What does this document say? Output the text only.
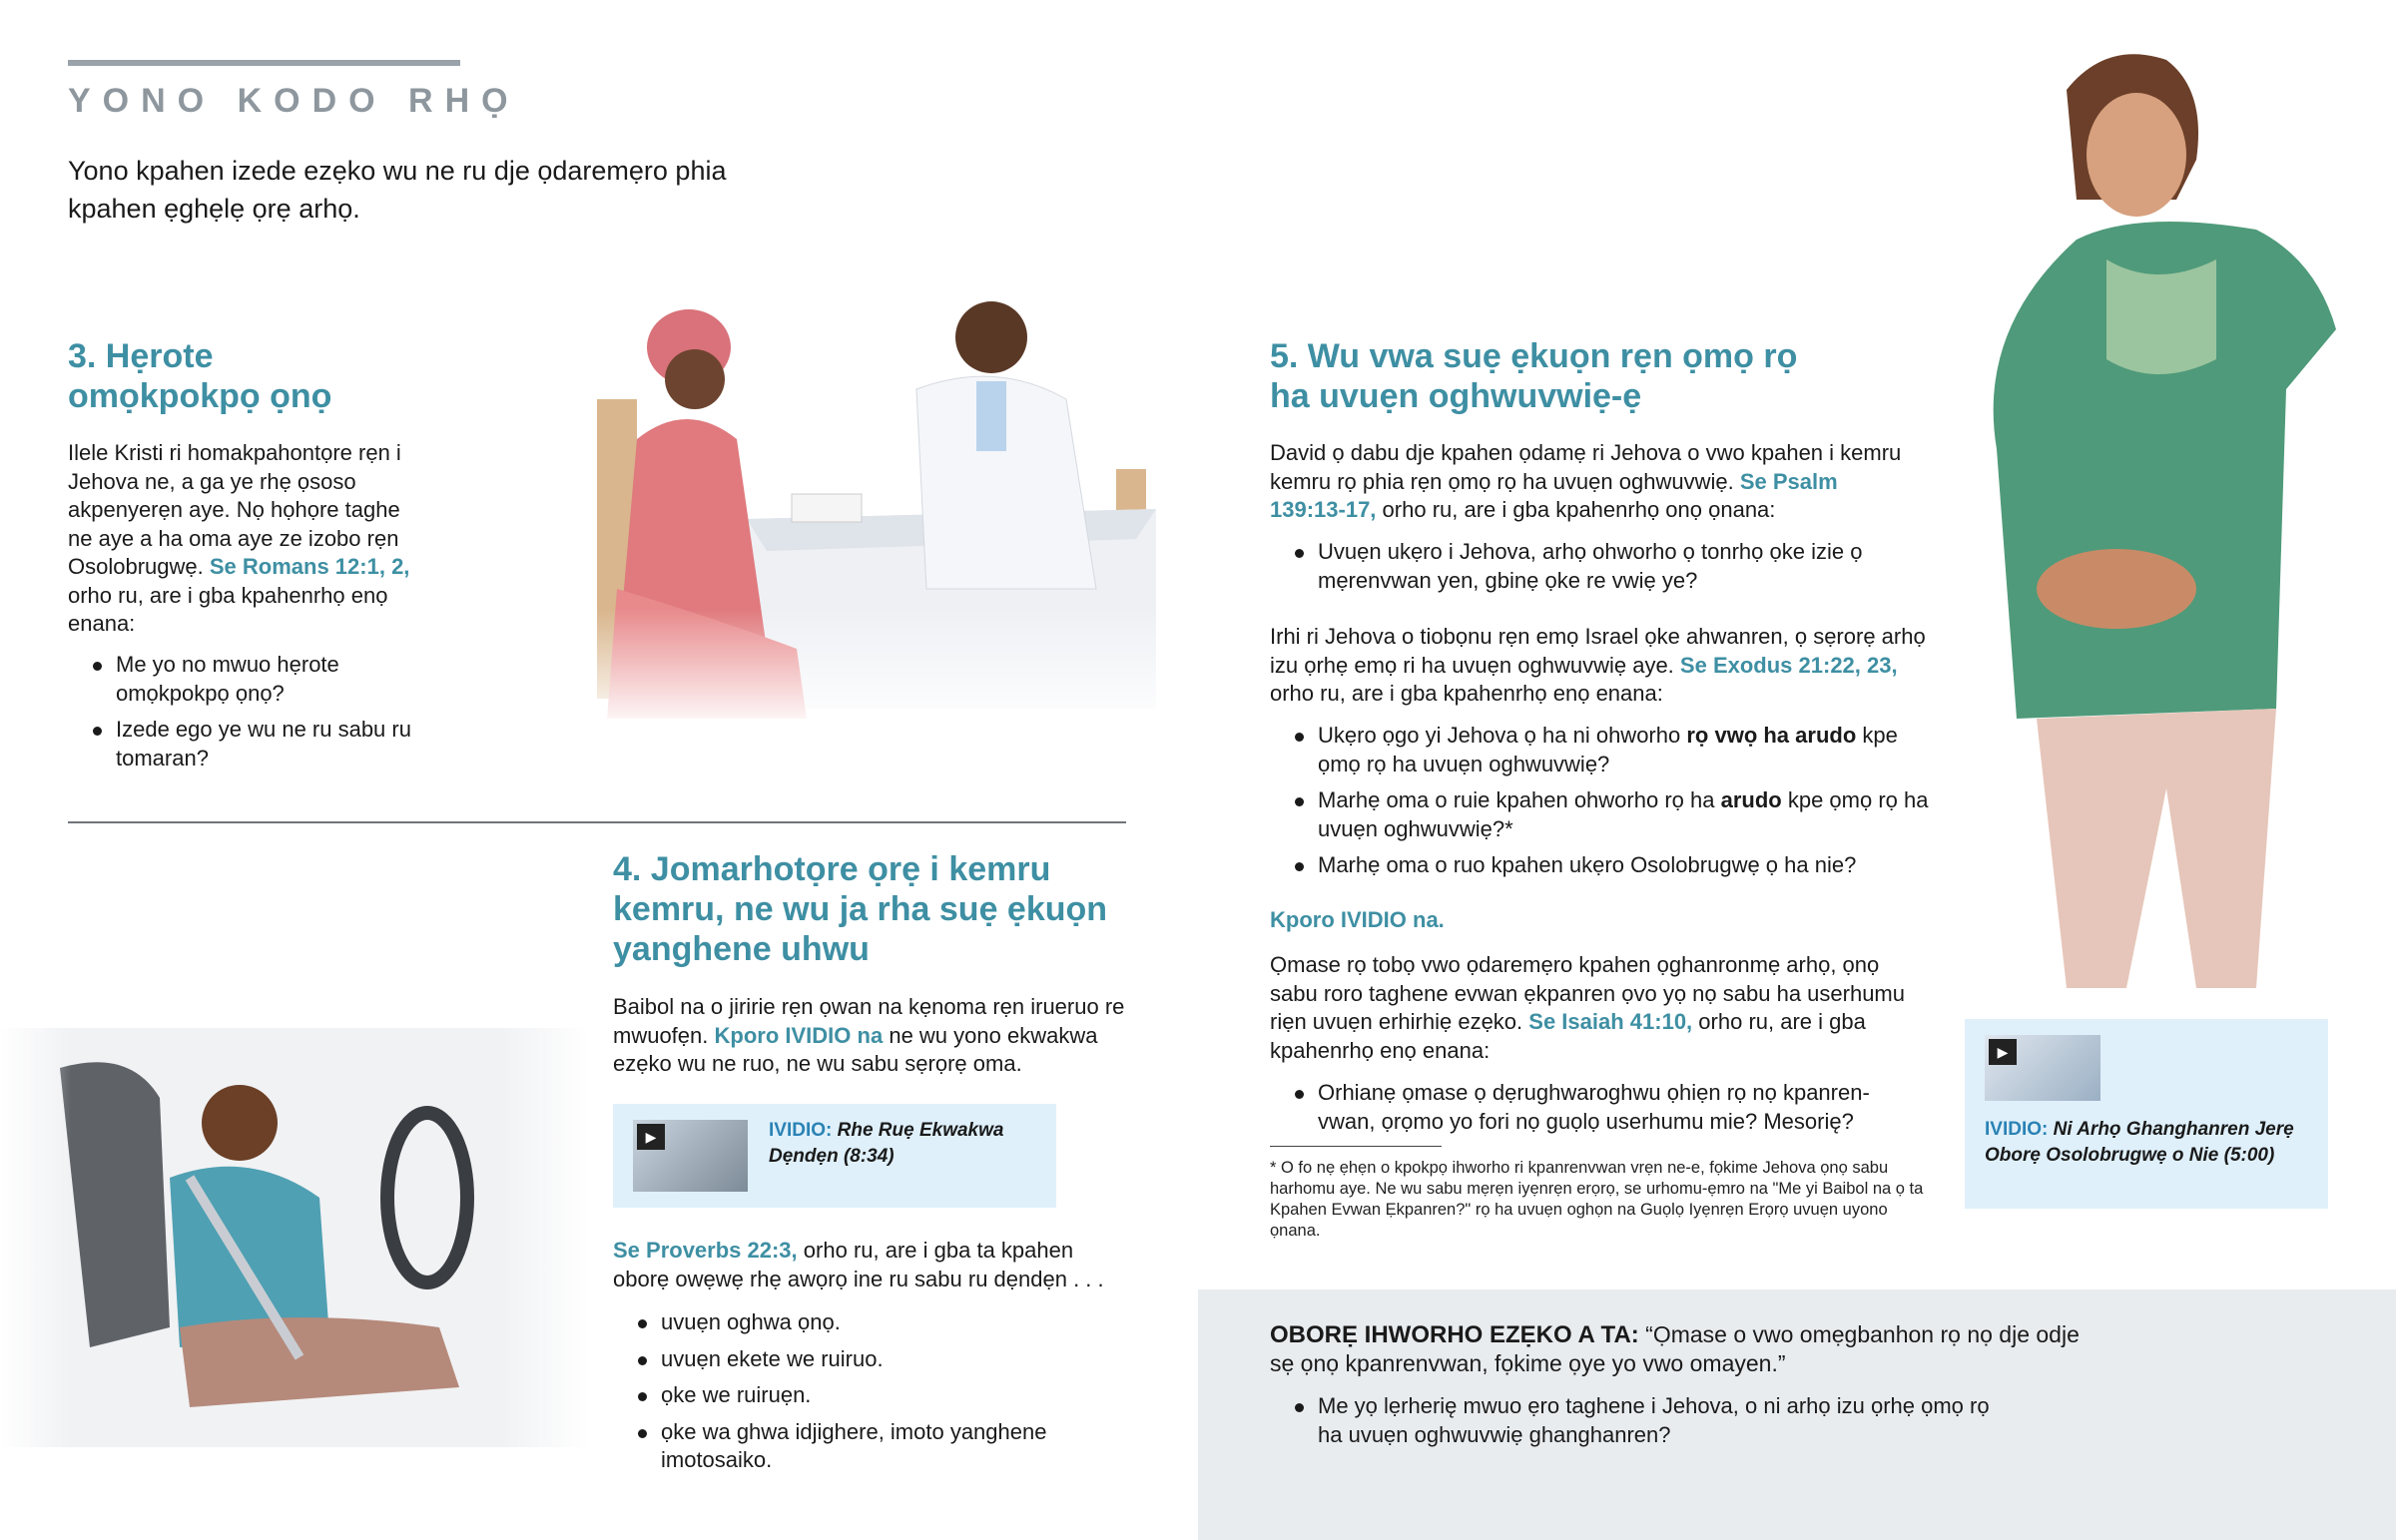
YONO KODO RHỌ
Yono kpahen izede ezẹko wu ne ru dje ọdaremẹro phia kpahen ẹghẹlẹ ọrẹ arhọ.
3. Hẹrote
omọkpokpọ ọnọ
Ilele Kristi ri homakpahontọre rẹn i Jehova ne, a ga ye rhẹ ọsoso akpenyerẹn aye. Nọ họhọre taghe ne aye a ha oma aye ze izobo rẹn Osolobrugwẹ. Se Romans 12:1, 2, orho ru, are i gba kpahenrhọ enọ enana:
Me yo no mwuo hẹrote omọkpokpọ ọnọ?
Izede ego ye wu ne ru sabu ru tomaran?
4. Jomarhotọre ọrẹ i kemru
kemru, ne wu ja rha suẹ ẹkuọn
yanghene uhwu
Baibol na o jiririe rẹn ọwan na kẹnoma rẹn irueruo re mwuofẹn. Kporo IVIDIO na ne wu yono ekwakwa ezẹko wu ne ruo, ne wu sabu sẹrọrẹ oma.
▶	IVIDIO: Rhe Ruẹ Ekwakwa Dẹndẹn (8:34)
Se Proverbs 22:3, orho ru, are i gba ta kpahen oborẹ owẹwẹ rhẹ awọrọ ine ru sabu ru dẹndẹn . . .
uvuẹn oghwa ọnọ.
uvuẹn ekete we ruiruo.
ọke we ruiruẹn.
ọke wa ghwa idjighere, imoto yanghene imotosaiko.
5. Wu vwa suẹ ẹkuọn rẹn ọmọ rọ
ha uvuẹn oghwuvwiẹ-ẹ
David ọ dabu dje kpahen ọdamẹ ri Jehova o vwo kpahen i kemru kemru rọ phia rẹn ọmọ rọ ha uvuẹn oghwuvwiẹ. Se Psalm 139:13-17, orho ru, are i gba kpahenrhọ onọ ọnana:
Uvuẹn ukẹro i Jehova, arhọ ohworho ọ tonrhọ ọke izie ọ mẹrenvwan yen, gbinẹ ọke re vwiẹ ye?
Irhi ri Jehova o tiobọnu rẹn emọ Israel ọke ahwanren, ọ sẹrorẹ arhọ izu ọrhẹ emọ ri ha uvuẹn oghwuvwiẹ aye. Se Exodus 21:22, 23, orho ru, are i gba kpahenrhọ enọ enana:
Ukẹro ọgo yi Jehova ọ ha ni ohworho rọ vwọ ha arudo kpe ọmọ rọ ha uvuẹn oghwuvwiẹ?
Marhẹ oma o ruie kpahen ohworho rọ ha arudo kpe ọmọ rọ ha uvuẹn oghwuvwiẹ?*
Marhẹ oma o ruo kpahen ukẹro Osolobrugwẹ ọ ha nie?
Kporo IVIDIO na.
Ọmase rọ tobọ vwo ọdaremẹro kpahen ọghanronmẹ arhọ, ọnọ sabu roro taghene evwan ẹkpanren ọvo yọ nọ sabu ha userhumu riẹn uvuẹn erhirhiẹ ezẹko. Se Isaiah 41:10, orho ru, are i gba kpahenrhọ enọ enana:
Orhianẹ ọmase ọ dẹrughwaroghwu ọhiẹn rọ nọ kpanren-vwan, ọrọmo yo fori nọ guọlọ userhumu mie? Mesorię?
* O fo nẹ ẹhẹn o kpokpọ ihworho ri kpanrenvwan vrẹn ne-e, fọkime Jehova ọnọ sabu harhomu aye. Ne wu sabu mẹrẹn iyẹnrẹn erọrọ, se urhomu-ẹmro na "Me yi Baibol na ọ ta Kpahen Evwan Ẹkpanren?" rọ ha uvuẹn oghọn na Guọlọ Iyẹnrẹn Erọrọ uvuẹn uyono ọnana.
▶
IVIDIO: Ni Arhọ Ghanghanren Jerẹ Oborẹ Osolobrugwẹ o Nie (5:00)
OBORẸ IHWORHO EZẸKO A TA: “Ọmase o vwo omẹgbanhon rọ nọ dje odje sẹ ọnọ kpanrenvwan, fọkime ọye yo vwo omayen.”
Me yọ lẹrherię mwuo ẹro taghene i Jehova, o ni arhọ izu ọrhẹ ọmọ rọ ha uvuẹn oghwuvwiẹ ghanghanren?
